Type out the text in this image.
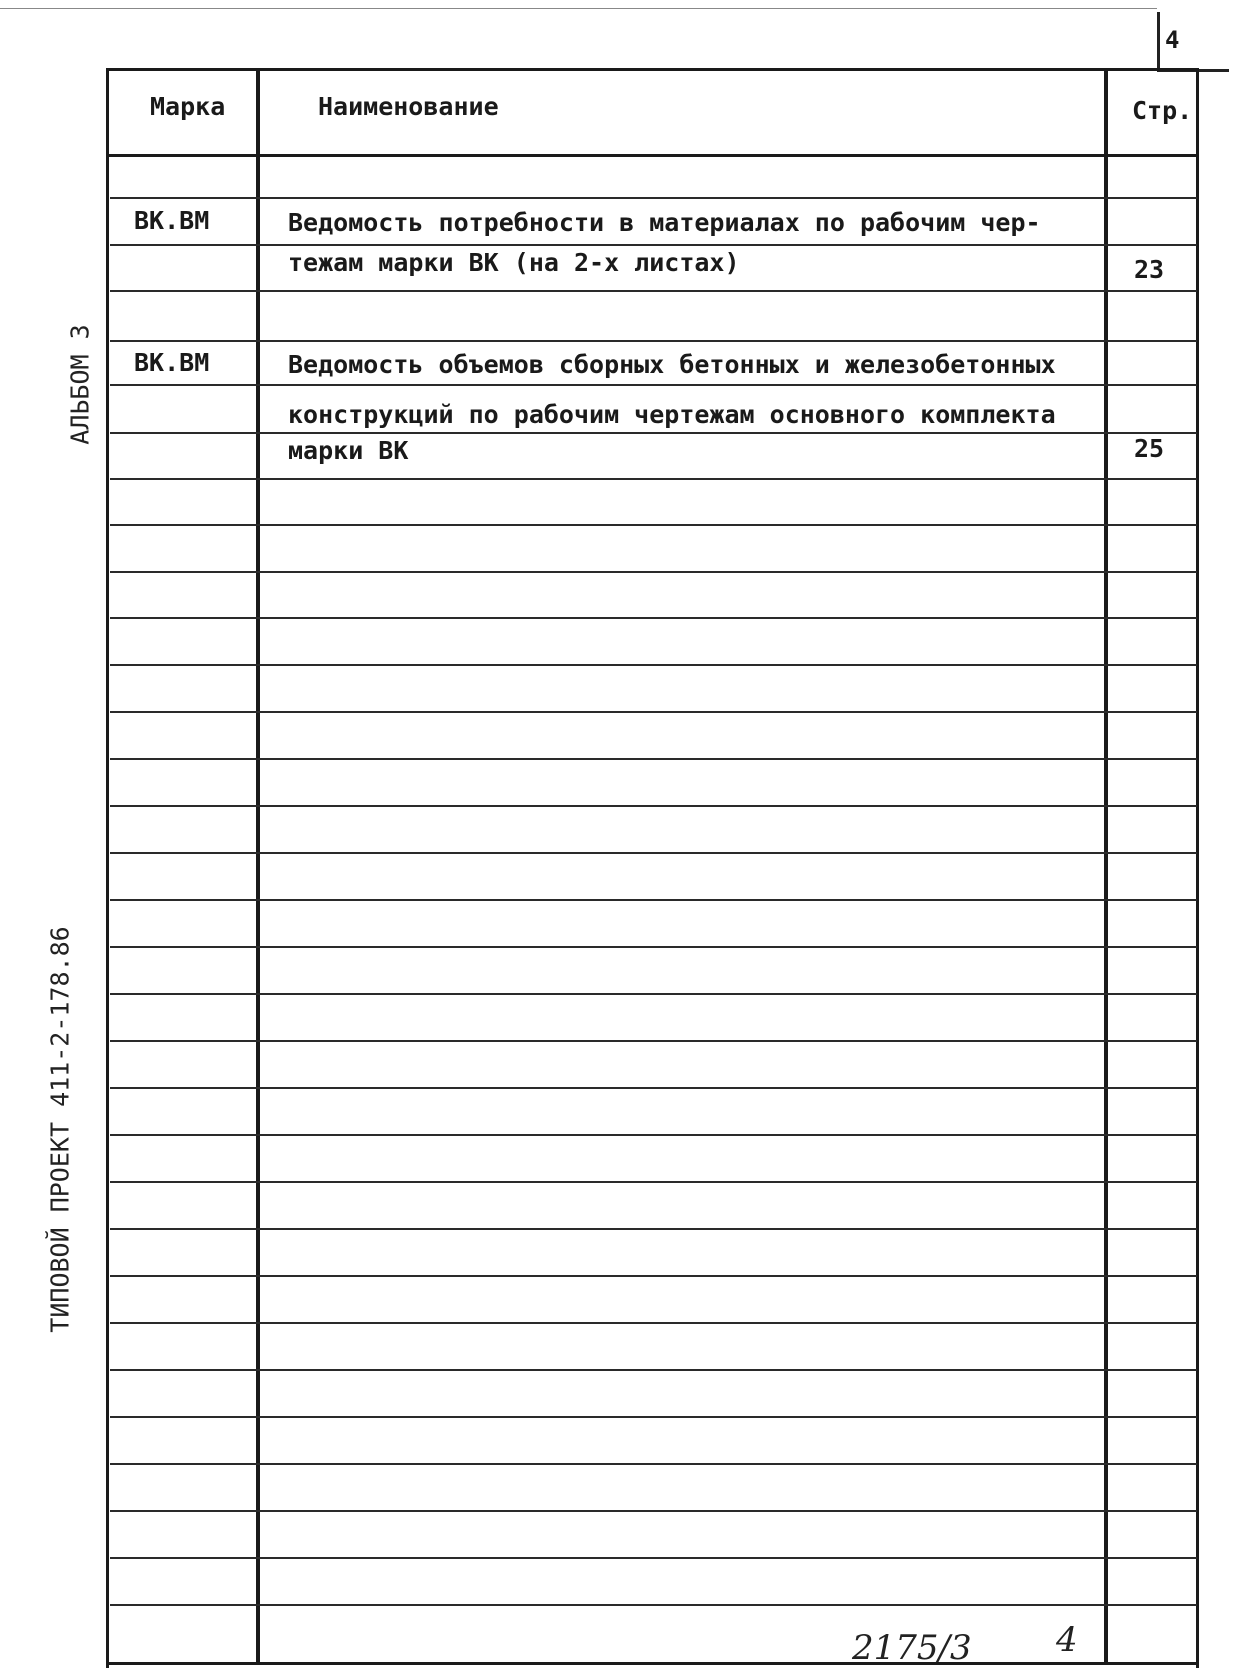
4
АЛЬБОМ 3
ТИПОВОЙ ПРОЕКТ 411-2-178.86
Марка	Наименование	Стр.
ВК.ВМ	Ведомость потребности в материалах по рабочим чер-
тежам марки ВК (на 2-х листах)	23
ВК.ВМ	Ведомость объемов сборных бетонных и железобетонных
конструкций по рабочим чертежам основного комплекта
марки ВК	25
2175/3 4
